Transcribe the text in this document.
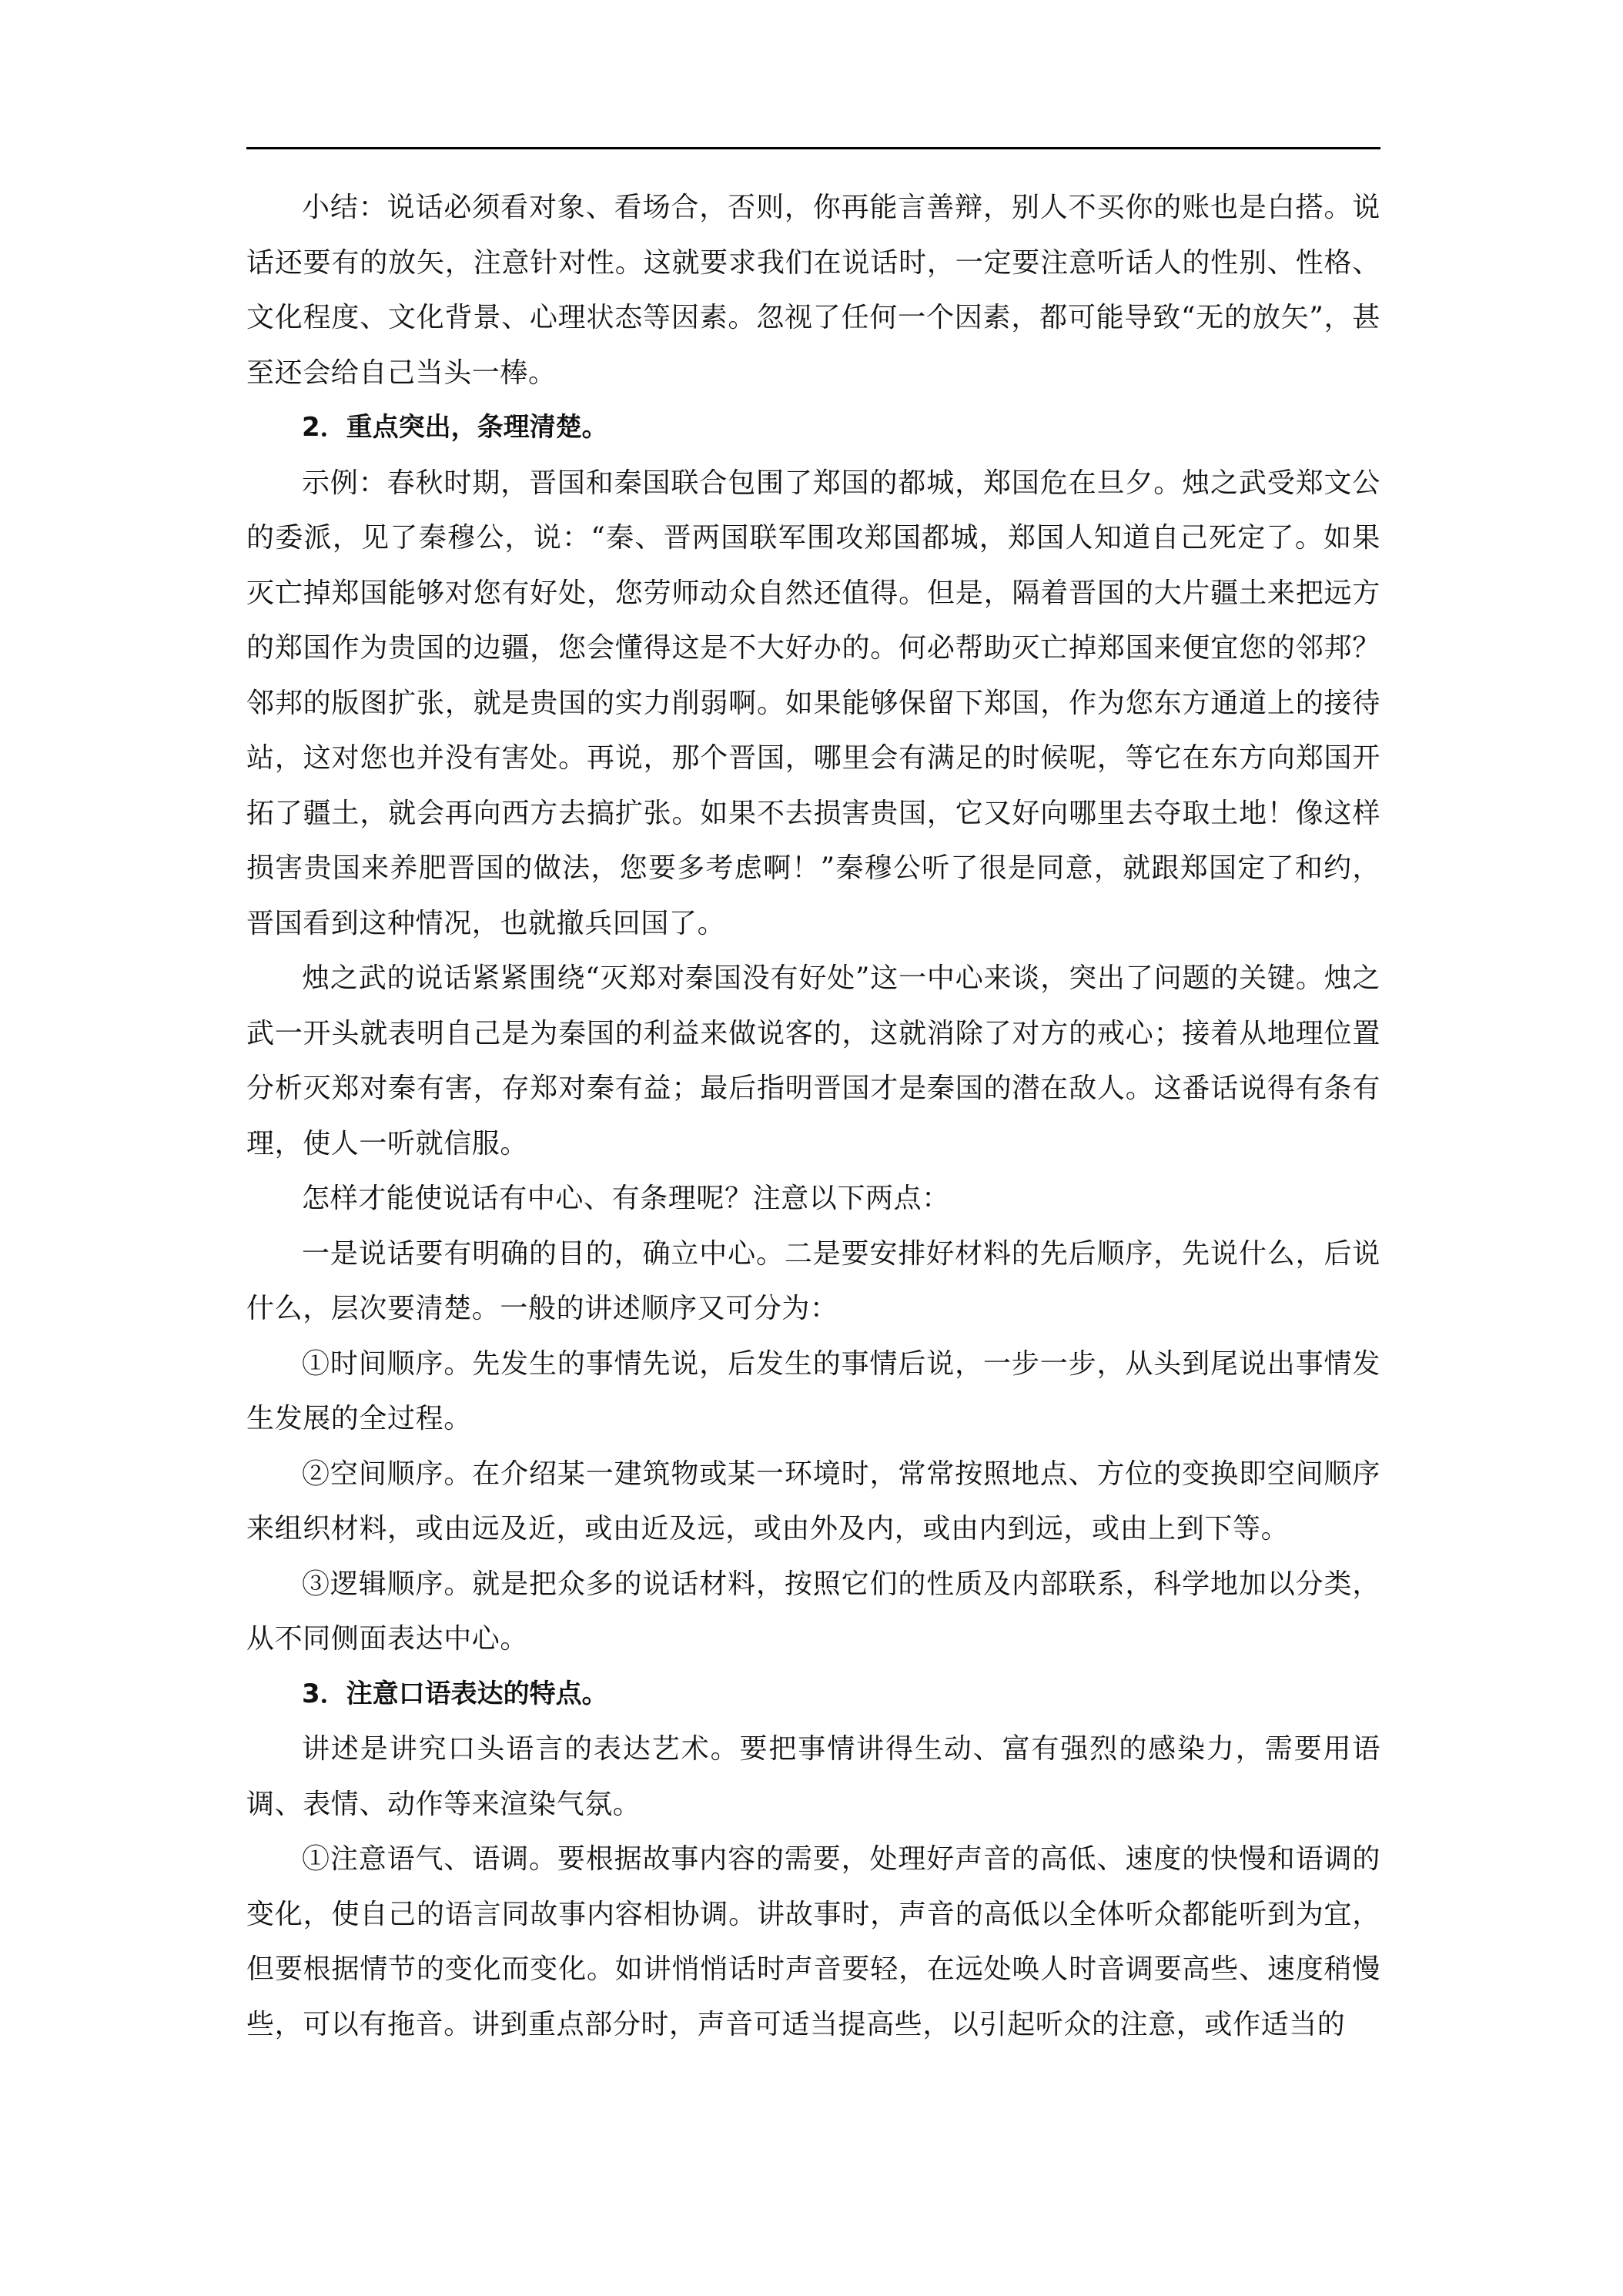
小结：说话必须看对象、看场合，否则，你再能言善辩，别人不买你的账也是白搭。说话还要有的放矢，注意针对性。这就要求我们在说话时，一定要注意听话人的性别、性格、文化程度、文化背景、心理状态等因素。忽视了任何一个因素，都可能导致“无的放矢”，甚至还会给自己当头一棒。

2．重点突出，条理清楚。

示例：春秋时期，晋国和秦国联合包围了郑国的都城，郑国危在旦夕。烛之武受郑文公的委派，见了秦穆公，说：“秦、晋两国联军围攻郑国都城，郑国人知道自己死定了。如果灭亡掉郑国能够对您有好处，您劳师动众自然还值得。但是，隔着晋国的大片疆土来把远方的郑国作为贵国的边疆，您会懂得这是不大好办的。何必帮助灭亡掉郑国来便宜您的邻邦？邻邦的版图扩张，就是贵国的实力削弱啊。如果能够保留下郑国，作为您东方通道上的接待站，这对您也并没有害处。再说，那个晋国，哪里会有满足的时候呢，等它在东方向郑国开拓了疆土，就会再向西方去搞扩张。如果不去损害贵国，它又好向哪里去夺取土地！像这样损害贵国来养肥晋国的做法，您要多考虑啊！”秦穆公听了很是同意，就跟郑国定了和约，晋国看到这种情况，也就撤兵回国了。

烛之武的说话紧紧围绕“灭郑对秦国没有好处”这一中心来谈，突出了问题的关键。烛之武一开头就表明自己是为秦国的利益来做说客的，这就消除了对方的戒心；接着从地理位置分析灭郑对秦有害，存郑对秦有益；最后指明晋国才是秦国的潜在敌人。这番话说得有条有理，使人一听就信服。

怎样才能使说话有中心、有条理呢？注意以下两点：

一是说话要有明确的目的，确立中心。二是要安排好材料的先后顺序，先说什么，后说什么，层次要清楚。一般的讲述顺序又可分为：

①时间顺序。先发生的事情先说，后发生的事情后说，一步一步，从头到尾说出事情发生发展的全过程。

②空间顺序。在介绍某一建筑物或某一环境时，常常按照地点、方位的变换即空间顺序来组织材料，或由远及近，或由近及远，或由外及内，或由内到远，或由上到下等。

③逻辑顺序。就是把众多的说话材料，按照它们的性质及内部联系，科学地加以分类，从不同侧面表达中心。

3．注意口语表达的特点。

讲述是讲究口头语言的表达艺术。要把事情讲得生动、富有强烈的感染力，需要用语调、表情、动作等来渲染气氛。

①注意语气、语调。要根据故事内容的需要，处理好声音的高低、速度的快慢和语调的变化，使自己的语言同故事内容相协调。讲故事时，声音的高低以全体听众都能听到为宜，但要根据情节的变化而变化。如讲悄悄话时声音要轻，在远处唤人时音调要高些、速度稍慢些，可以有拖音。讲到重点部分时，声音可适当提高些，以引起听众的注意，或作适当的
